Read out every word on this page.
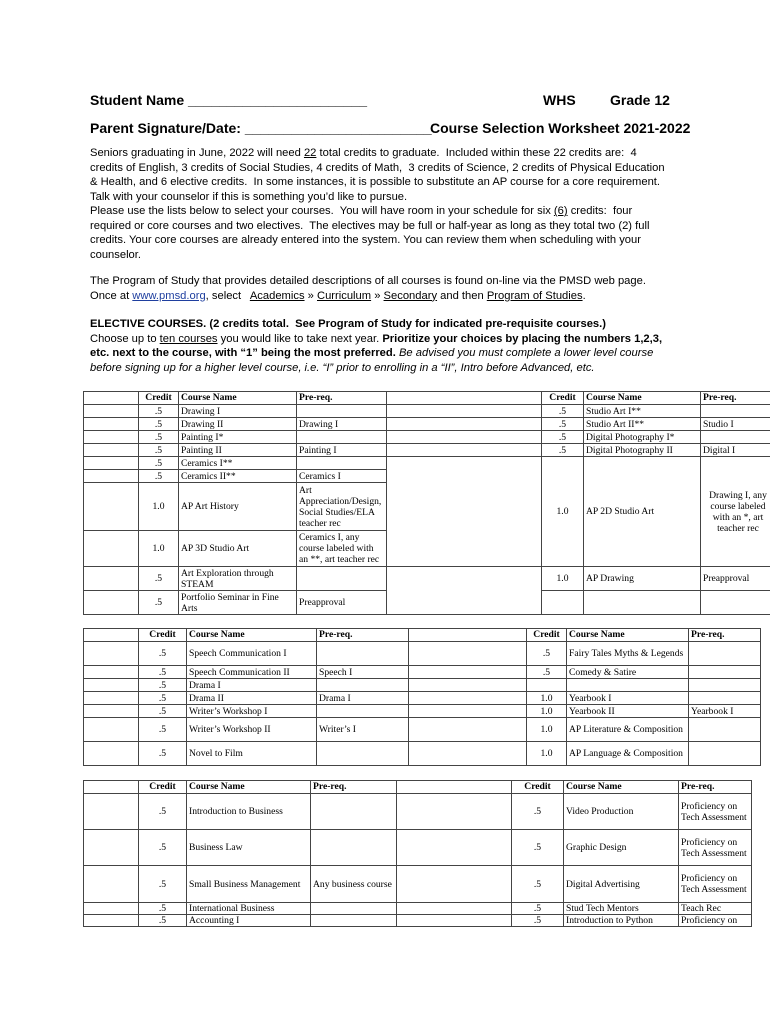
Student Name _______________________	WHS Grade 12
Parent Signature/Date: ________________________
Course Selection Worksheet 2021-2022
Seniors graduating in June, 2022 will need 22 total credits to graduate.  Included within these 22 credits are:  4
credits of English, 3 credits of Social Studies, 4 credits of Math,  3 credits of Science, 2 credits of Physical Education
& Health, and 6 elective credits.  In some instances, it is possible to substitute an AP course for a core requirement.
Talk with your counselor if this is something you’d like to pursue.
Please use the lists below to select your courses.  You will have room in your schedule for six (6) credits:  four
required or core courses and two electives.  The electives may be full or half-year as long as they total two (2) full
credits. Your core courses are already entered into the system. You can review them when scheduling with your
counselor.
The Program of Study that provides detailed descriptions of all courses is found on-line via the PMSD web page.
Once at www.pmsd.org, select   Academics » Curriculum » Secondary and then Program of Studies.
ELECTIVE COURSES. (2 credits total.  See Program of Study for indicated pre-requisite courses.)
Choose up to ten courses you would like to take next year. Prioritize your choices by placing the numbers 1,2,3,
etc. next to the course, with “1” being the most preferred. Be advised you must complete a lower level course
before signing up for a higher level course, i.e. “I” prior to enrolling in a “II”, Intro before Advanced, etc.
	Credit	Course Name	Pre-req.		Credit	Course Name	Pre-req.
	.5	Drawing I			.5	Studio Art I**	
	.5	Drawing II	Drawing I		.5	Studio Art II**	Studio I
	.5	Painting I*			.5	Digital Photography I*	
	.5	Painting II	Painting I		.5	Digital Photography II	Digital I
	.5	Ceramics I**			1.0	AP 2D Studio Art	Drawing I, any course labeled with an *, art teacher rec
	.5	Ceramics II**	Ceramics I				
	1.0	AP Art History	Art Appreciation/Design, Social Studies/ELA teacher rec				
	1.0	AP 3D Studio Art	Ceramics I, any course labeled with an **, art teacher rec				
	.5	Art Exploration through STEAM			1.0	AP Drawing	Preapproval
	.5	Portfolio Seminar in Fine Arts	Preapproval				
	Credit	Course Name	Pre-req.		Credit	Course Name	Pre-req.
	.5	Speech Communication I			.5	Fairy Tales Myths & Legends	
	.5	Speech Communication II	Speech I		.5	Comedy & Satire	
	.5	Drama I					
	.5	Drama II	Drama I		1.0	Yearbook I	
	.5	Writer’s Workshop I			1.0	Yearbook II	Yearbook I
	.5	Writer’s Workshop II	Writer’s I		1.0	AP Literature & Composition	
	.5	Novel to Film			1.0	AP Language & Composition	
	Credit	Course Name	Pre-req.		Credit	Course Name	Pre-req.
	.5	Introduction to Business			.5	Video Production	Proficiency on Tech Assessment
	.5	Business Law			.5	Graphic Design	Proficiency on Tech Assessment
	.5	Small Business Management	Any business course		.5	Digital Advertising	Proficiency on Tech Assessment
	.5	International Business			.5	Stud Tech Mentors	Teach Rec
	.5	Accounting I			.5	Introduction to Python	Proficiency on
